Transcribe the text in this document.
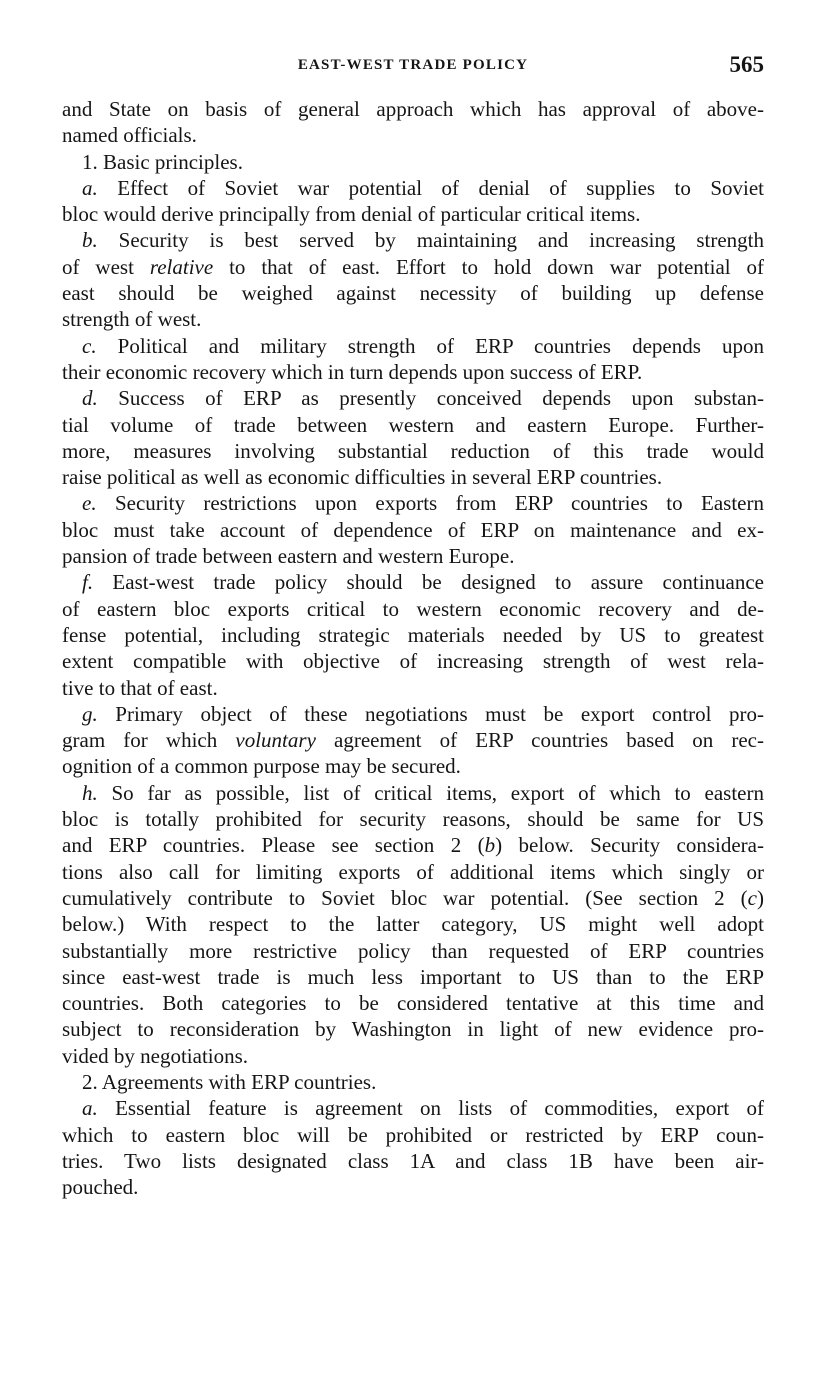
EAST-WEST TRADE POLICY	565
and State on basis of general approach which has approval of above-
named officials.
1. Basic principles.
a. Effect of Soviet war potential of denial of supplies to Soviet
bloc would derive principally from denial of particular critical items.
b. Security is best served by maintaining and increasing strength
of west relative to that of east. Effort to hold down war potential of
east should be weighed against necessity of building up defense
strength of west.
c. Political and military strength of ERP countries depends upon
their economic recovery which in turn depends upon success of ERP.
d. Success of ERP as presently conceived depends upon substan-
tial volume of trade between western and eastern Europe. Further-
more, measures involving substantial reduction of this trade would
raise political as well as economic difficulties in several ERP countries.
e. Security restrictions upon exports from ERP countries to Eastern
bloc must take account of dependence of ERP on maintenance and ex-
pansion of trade between eastern and western Europe.
f. East-west trade policy should be designed to assure continuance
of eastern bloc exports critical to western economic recovery and de-
fense potential, including strategic materials needed by US to greatest
extent compatible with objective of increasing strength of west rela-
tive to that of east.
g. Primary object of these negotiations must be export control pro-
gram for which voluntary agreement of ERP countries based on rec-
ognition of a common purpose may be secured.
h. So far as possible, list of critical items, export of which to eastern
bloc is totally prohibited for security reasons, should be same for US
and ERP countries. Please see section 2 (b) below. Security considera-
tions also call for limiting exports of additional items which singly or
cumulatively contribute to Soviet bloc war potential. (See section 2 (c)
below.) With respect to the latter category, US might well adopt
substantially more restrictive policy than requested of ERP countries
since east-west trade is much less important to US than to the ERP
countries. Both categories to be considered tentative at this time and
subject to reconsideration by Washington in light of new evidence pro-
vided by negotiations.
2. Agreements with ERP countries.
a. Essential feature is agreement on lists of commodities, export of
which to eastern bloc will be prohibited or restricted by ERP coun-
tries. Two lists designated class 1A and class 1B have been air-
pouched.
